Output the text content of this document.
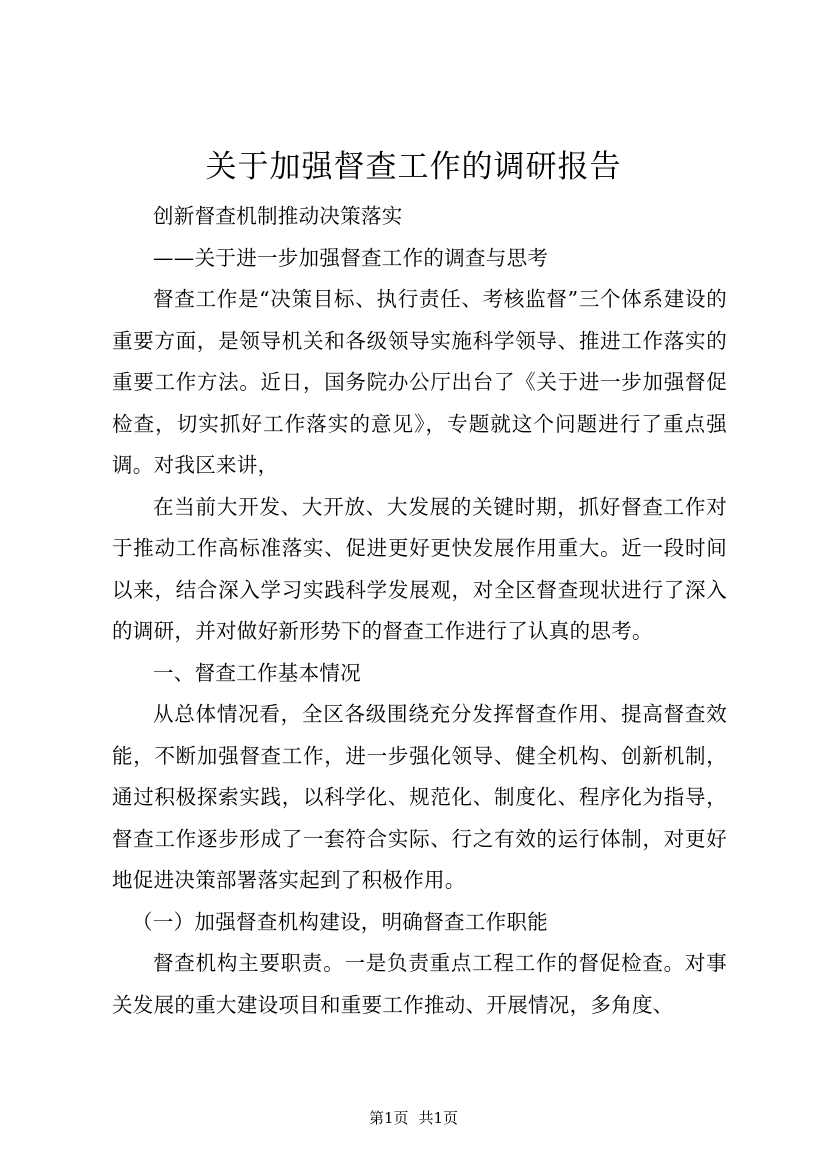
关于加强督查工作的调研报告

创新督查机制推动决策落实

——关于进一步加强督查工作的调查与思考

督查工作是“决策目标、执行责任、考核监督”三个体系建设的重要方面，是领导机关和各级领导实施科学领导、推进工作落实的重要工作方法。近日，国务院办公厅出台了《关于进一步加强督促检查，切实抓好工作落实的意见》，专题就这个问题进行了重点强调。对我区来讲，

在当前大开发、大开放、大发展的关键时期，抓好督查工作对于推动工作高标准落实、促进更好更快发展作用重大。近一段时间以来，结合深入学习实践科学发展观，对全区督查现状进行了深入的调研，并对做好新形势下的督查工作进行了认真的思考。

一、督查工作基本情况

从总体情况看，全区各级围绕充分发挥督查作用、提高督查效能，不断加强督查工作，进一步强化领导、健全机构、创新机制，通过积极探索实践，以科学化、规范化、制度化、程序化为指导，督查工作逐步形成了一套符合实际、行之有效的运行体制，对更好地促进决策部署落实起到了积极作用。

（一）加强督查机构建设，明确督查工作职能

督查机构主要职责。一是负责重点工程工作的督促检查。对事关发展的重大建设项目和重要工作推动、开展情况，多角度、

第1页 共1页
